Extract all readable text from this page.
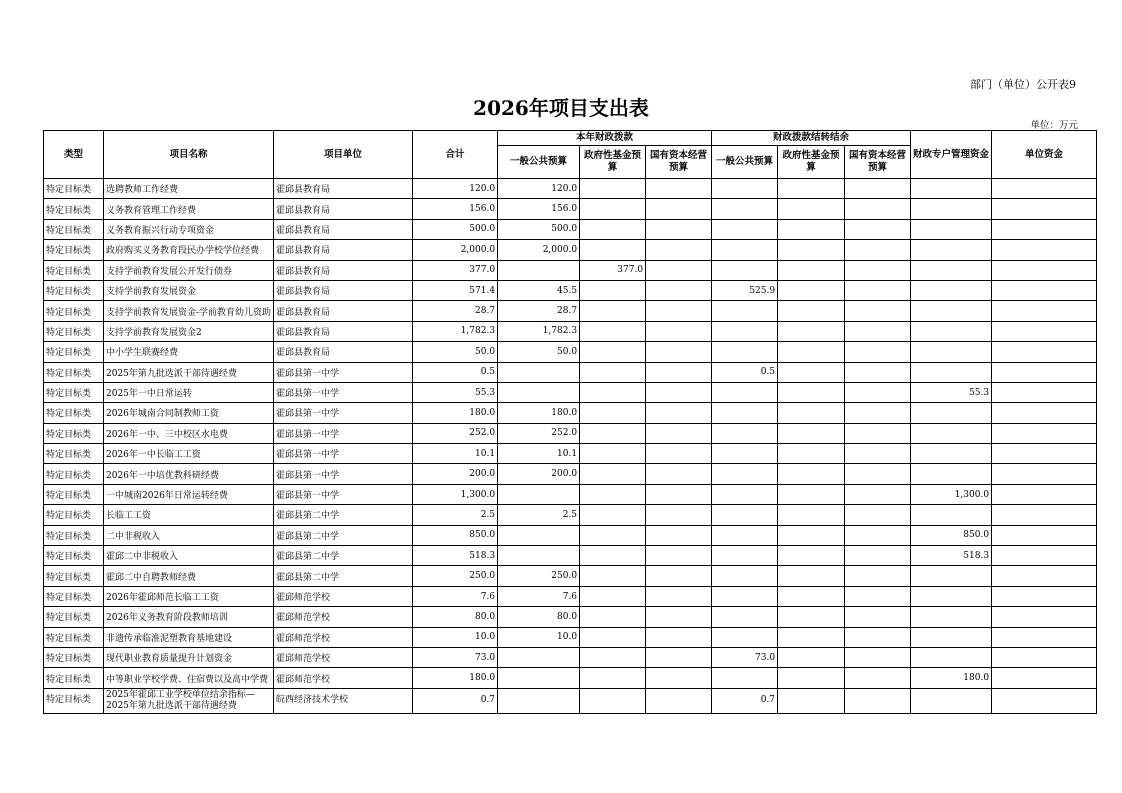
部门（单位）公开表9
2026年项目支出表
单位：万元
类型	项目名称	项目单位	合计	本年财政拨款			财政拨款结转结余			财政专户管理资金	单位资金
				一般公共预算	政府性基金预算	国有资本经营预算	一般公共预算	政府性基金预算	国有资本经营预算		
特定目标类	选聘教师工作经费	霍邱县教育局	120.0	120.0							
特定目标类	义务教育管理工作经费	霍邱县教育局	156.0	156.0							
特定目标类	义务教育振兴行动专项资金	霍邱县教育局	500.0	500.0							
特定目标类	政府购买义务教育段民办学校学位经费	霍邱县教育局	2,000.0	2,000.0							
特定目标类	支持学前教育发展公开发行债券	霍邱县教育局	377.0		377.0						
特定目标类	支持学前教育发展资金	霍邱县教育局	571.4	45.5			525.9				
特定目标类	支持学前教育发展资金-学前教育幼儿资助	霍邱县教育局	28.7	28.7							
特定目标类	支持学前教育发展资金2	霍邱县教育局	1,782.3	1,782.3							
特定目标类	中小学生联赛经费	霍邱县教育局	50.0	50.0							
特定目标类	2025年第九批选派干部待遇经费	霍邱县第一中学	0.5				0.5				
特定目标类	2025年一中日常运转	霍邱县第一中学	55.3							55.3	
特定目标类	2026年城南合同制教师工资	霍邱县第一中学	180.0	180.0							
特定目标类	2026年一中、三中校区水电费	霍邱县第一中学	252.0	252.0							
特定目标类	2026年一中长临工工资	霍邱县第一中学	10.1	10.1							
特定目标类	2026年一中培优教科研经费	霍邱县第一中学	200.0	200.0							
特定目标类	一中城南2026年日常运转经费	霍邱县第一中学	1,300.0							1,300.0	
特定目标类	长临工工资	霍邱县第二中学	2.5	2.5							
特定目标类	二中非税收入	霍邱县第二中学	850.0							850.0	
特定目标类	霍邱二中非税收入	霍邱县第二中学	518.3							518.3	
特定目标类	霍邱二中自聘教师经费	霍邱县第二中学	250.0	250.0							
特定目标类	2026年霍邱师范长临工工资	霍邱师范学校	7.6	7.6							
特定目标类	2026年义务教育阶段教师培训	霍邱师范学校	80.0	80.0							
特定目标类	非遗传承临淮泥塑教育基地建设	霍邱师范学校	10.0	10.0							
特定目标类	现代职业教育质量提升计划资金	霍邱师范学校	73.0				73.0				
特定目标类	中等职业学校学费、住宿费以及高中学费	霍邱师范学校	180.0							180.0	
特定目标类	2025年霍邱工业学校单位结余指标—2025年第九批选派干部待遇经费	皖西经济技术学校	0.7				0.7				
